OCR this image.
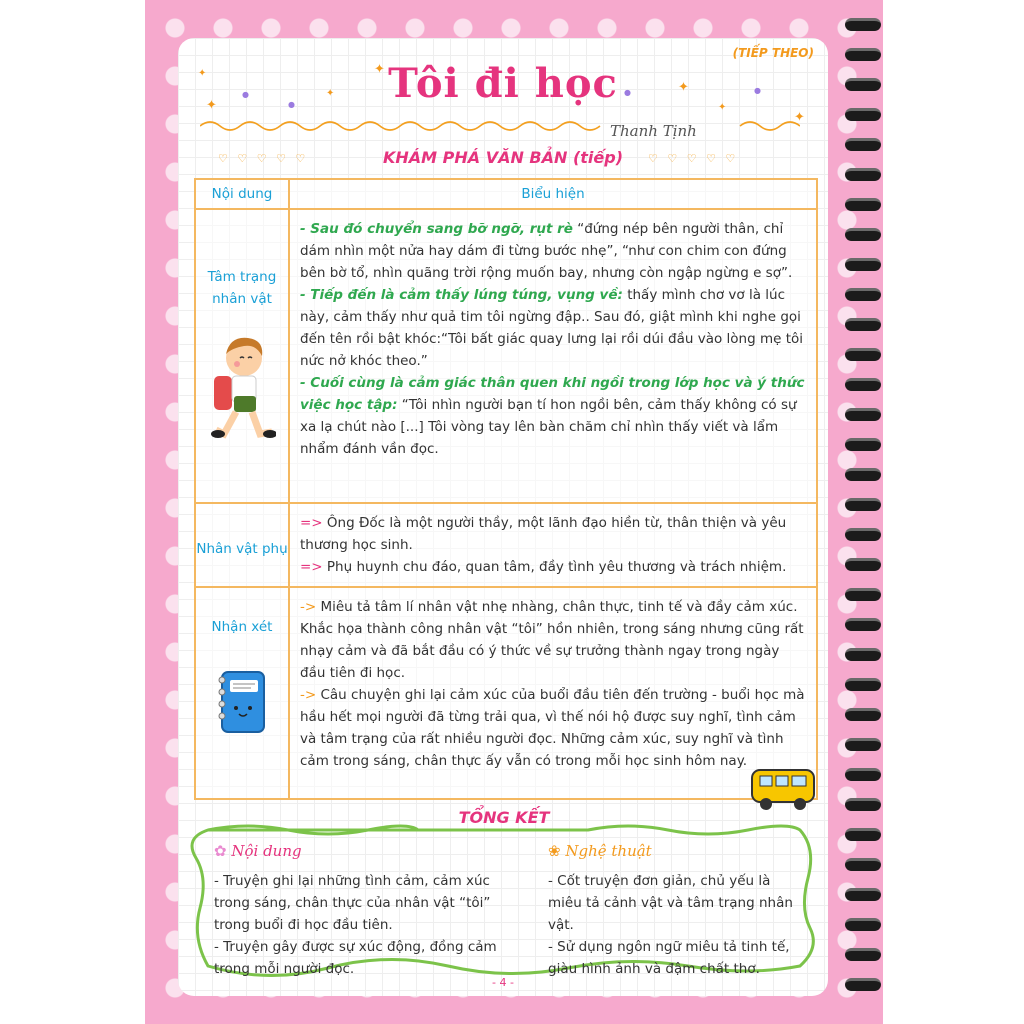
(TIẾP THEO)
✦
✦
●
●
✦	●	✦
✦
●
✦
✦	Tôi đi học
Thanh Tịnh
♡ ♡ ♡ ♡ ♡	KHÁM PHÁ VĂN BẢN (tiếp)	♡ ♡ ♡ ♡ ♡
Nội dung	Biểu hiện
Tâm trạng nhân vật	- Sau đó chuyển sang bỡ ngỡ, rụt rè “đứng nép bên người thân, chỉ dám nhìn một nửa hay dám đi từng bước nhẹ”, “như con chim con đứng bên bờ tổ, nhìn quãng trời rộng muốn bay, nhưng còn ngập ngừng e sợ”.
- Tiếp đến là cảm thấy lúng túng, vụng về: thấy mình chơ vơ là lúc này, cảm thấy như quả tim tôi ngừng đập.. Sau đó, giật mình khi nghe gọi đến tên rồi bật khóc:“Tôi bất giác quay lưng lại rồi dúi đầu vào lòng mẹ tôi nức nở khóc theo.”
- Cuối cùng là cảm giác thân quen khi ngồi trong lớp học và ý thức việc học tập: “Tôi nhìn người bạn tí hon ngồi bên, cảm thấy không có sự xa lạ chút nào [...] Tôi vòng tay lên bàn chăm chỉ nhìn thấy viết và lẩm nhẩm đánh vần đọc.

Nhân vật phụ	=> Ông Đốc là một người thầy, một lãnh đạo hiền từ, thân thiện và yêu thương học sinh.
=> Phụ huynh chu đáo, quan tâm, đầy tình yêu thương và trách nhiệm.

Nhận xét	-> Miêu tả tâm lí nhân vật nhẹ nhàng, chân thực, tinh tế và đầy cảm xúc. Khắc họa thành công nhân vật “tôi” hồn nhiên, trong sáng nhưng cũng rất nhạy cảm và đã bắt đầu có ý thức về sự trưởng thành ngay trong ngày đầu tiên đi học.
-> Câu chuyện ghi lại cảm xúc của buổi đầu tiên đến trường - buổi học mà hầu hết mọi người đã từng trải qua, vì thế nói hộ được suy nghĩ, tình cảm và tâm trạng của rất nhiều người đọc. Những cảm xúc, suy nghĩ và tình cảm trong sáng, chân thực ấy vẫn có trong mỗi học sinh hôm nay.
TỔNG KẾT
✿ Nội dung
- Truyện ghi lại những tình cảm, cảm xúc trong sáng, chân thực của nhân vật “tôi” trong buổi đi học đầu tiên.
- Truyện gây được sự xúc động, đồng cảm trong mỗi người đọc.
❀ Nghệ thuật
- Cốt truyện đơn giản, chủ yếu là miêu tả cảnh vật và tâm trạng nhân vật.
- Sử dụng ngôn ngữ miêu tả tinh tế, giàu hình ảnh và đậm chất thơ.
- 4 -
